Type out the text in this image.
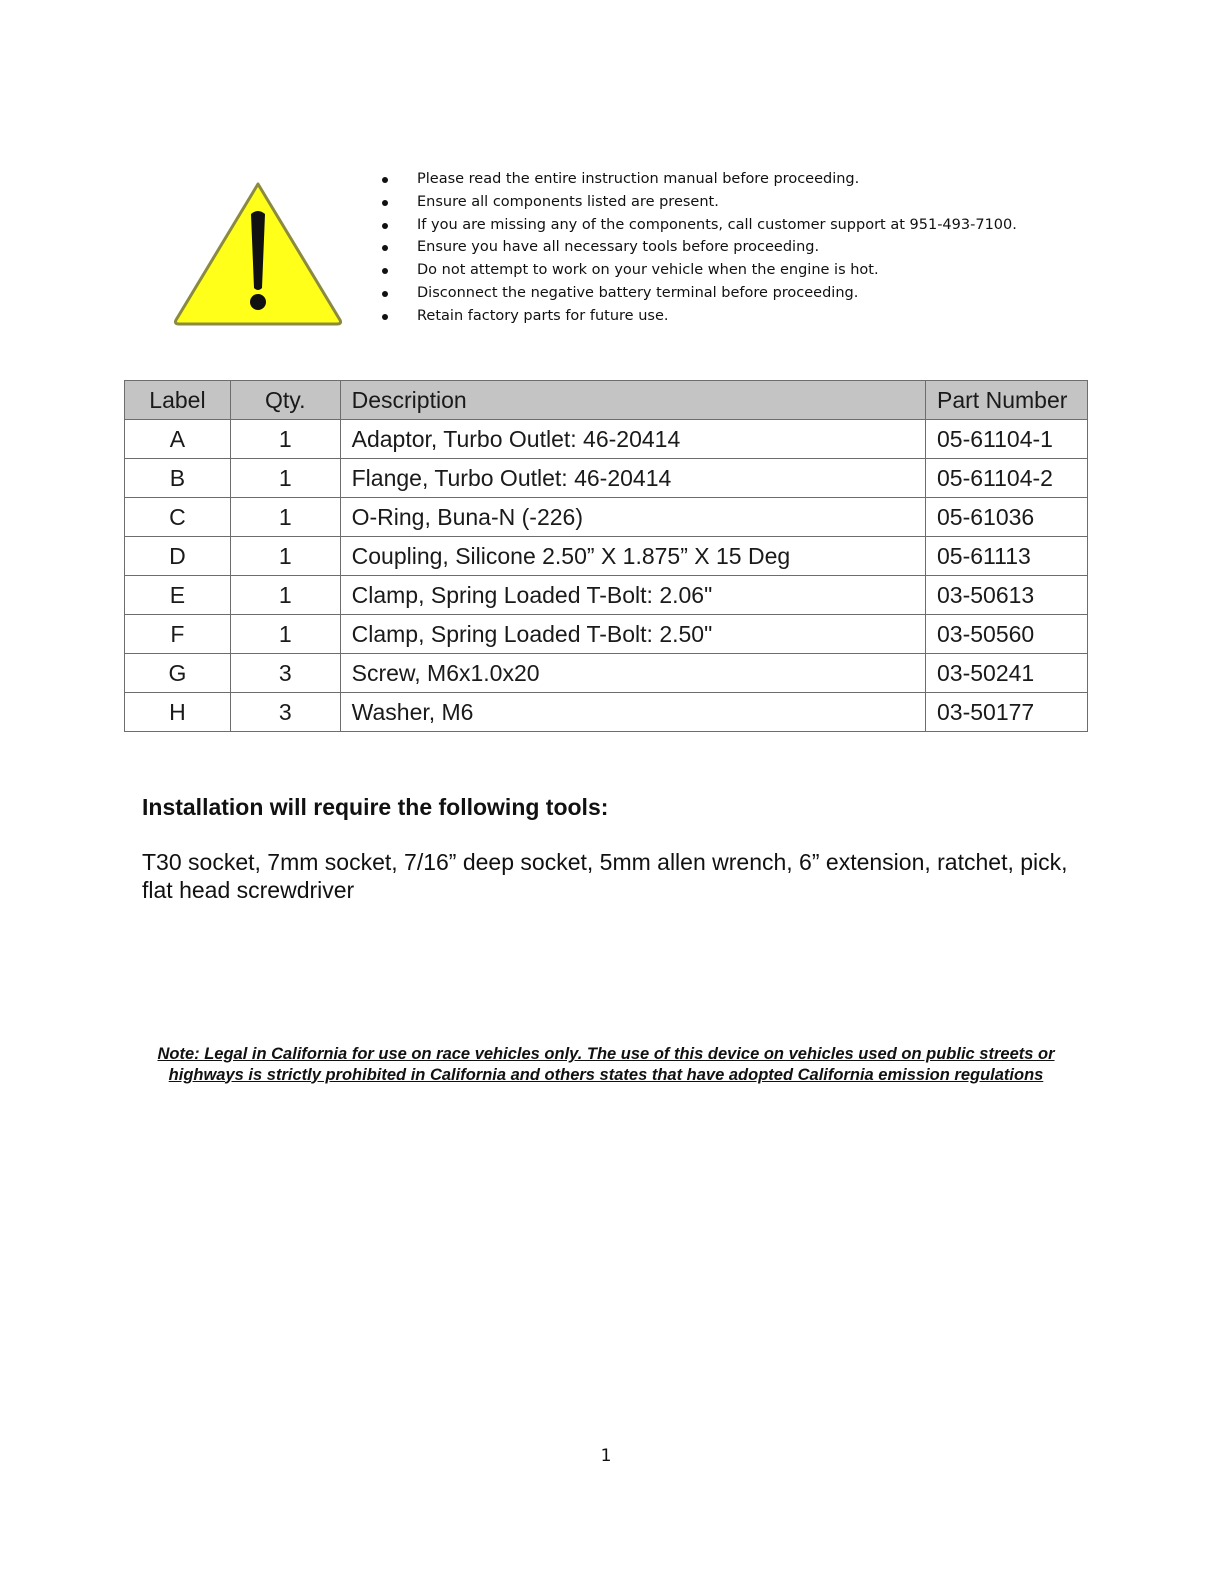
Please read the entire instruction manual before proceeding.
Ensure all components listed are present.
If you are missing any of the components, call customer support at 951-493-7100.
Ensure you have all necessary tools before proceeding.
Do not attempt to work on your vehicle when the engine is hot.
Disconnect the negative battery terminal before proceeding.
Retain factory parts for future use.
Label	Qty.	Description	Part Number
A	1	Adaptor, Turbo Outlet: 46-20414	05-61104-1
B	1	Flange, Turbo Outlet: 46-20414	05-61104-2
C	1	O-Ring, Buna-N (-226)	05-61036
D	1	Coupling, Silicone 2.50” X 1.875” X 15 Deg	05-61113
E	1	Clamp, Spring Loaded T-Bolt: 2.06"	03-50613
F	1	Clamp, Spring Loaded T-Bolt: 2.50"	03-50560
G	3	Screw, M6x1.0x20	03-50241
H	3	Washer, M6	03-50177
Installation will require the following tools:

T30 socket, 7mm socket, 7/16” deep socket, 5mm allen wrench, 6” extension, ratchet, pick, flat head screwdriver

Note: Legal in California for use on race vehicles only. The use of this device on vehicles used on public streets or highways is strictly prohibited in California and others states that have adopted California emission regulations

1
